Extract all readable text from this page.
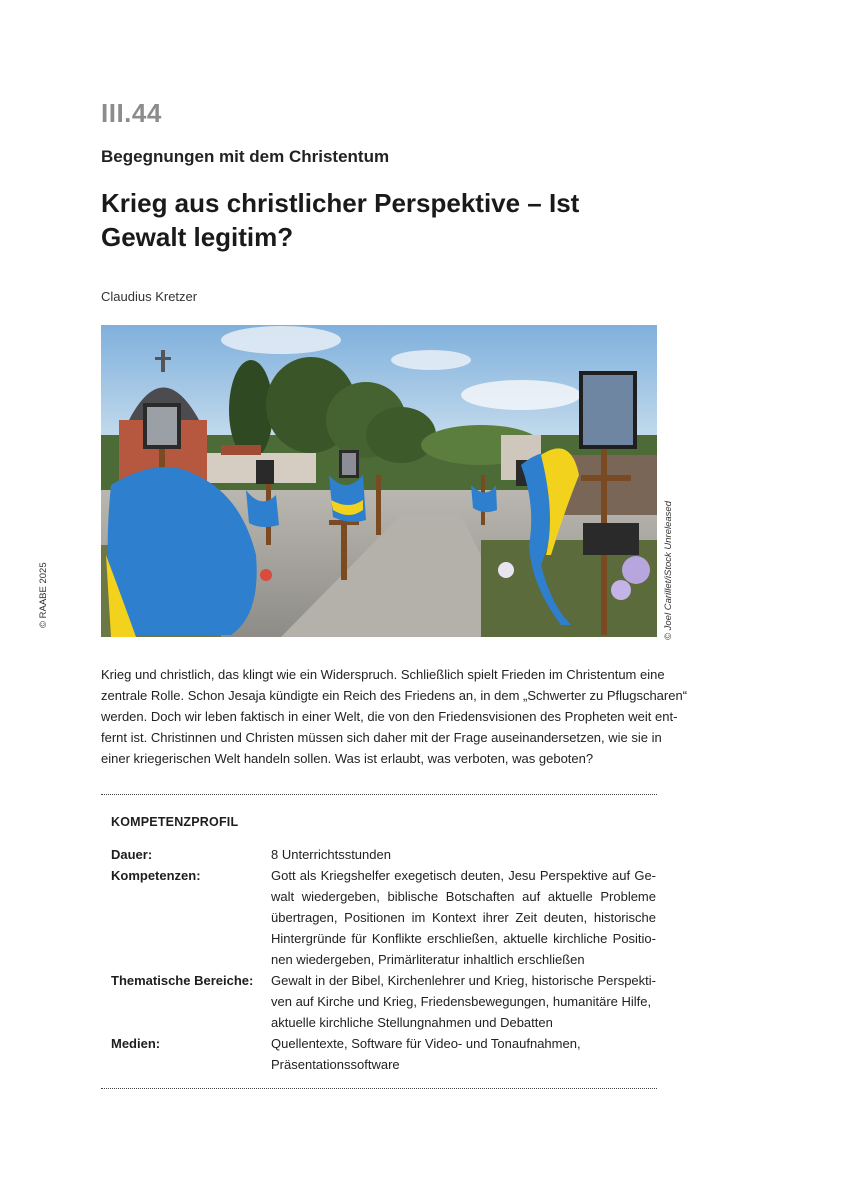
III.44
Begegnungen mit dem Christentum
Krieg aus christlicher Perspektive – Ist Gewalt legitim?
Claudius Kretzer
© Joel Carillet/iStock Unreleased
© RAABE 2025

Krieg und christlich, das klingt wie ein Widerspruch. Schließlich spielt Frieden im Christentum eine
zentrale Rolle. Schon Jesaja kündigte ein Reich des Friedens an, in dem „Schwerter zu Pflugscharen“
werden. Doch wir leben faktisch in einer Welt, die von den Friedensvisionen des Propheten weit ent-
fernt ist. Christinnen und Christen müssen sich daher mit der Frage auseinandersetzen, wie sie in
einer kriegerischen Welt handeln sollen. Was ist erlaubt, was verboten, was geboten?

KOMPETENZPROFIL
Dauer:	8 Unterrichtsstunden
Kompetenzen:	Gott als Kriegshelfer exegetisch deuten, Jesu Perspektive auf Ge-
walt wiedergeben, biblische Botschaften auf aktuelle Probleme
übertragen, Positionen im Kontext ihrer Zeit deuten, historische
Hintergründe für Konflikte erschließen, aktuelle kirchliche Positio-
nen wiedergeben, Primärliteratur inhaltlich erschließen
Thematische Bereiche: Gewalt in der Bibel, Kirchenlehrer und Krieg, historische Perspekti-
ven auf Kirche und Krieg, Friedensbewegungen, humanitäre Hilfe,
aktuelle kirchliche Stellungnahmen und Debatten
Medien:	Quellentexte, Software für Video- und Tonaufnahmen,
Präsentationssoftware
